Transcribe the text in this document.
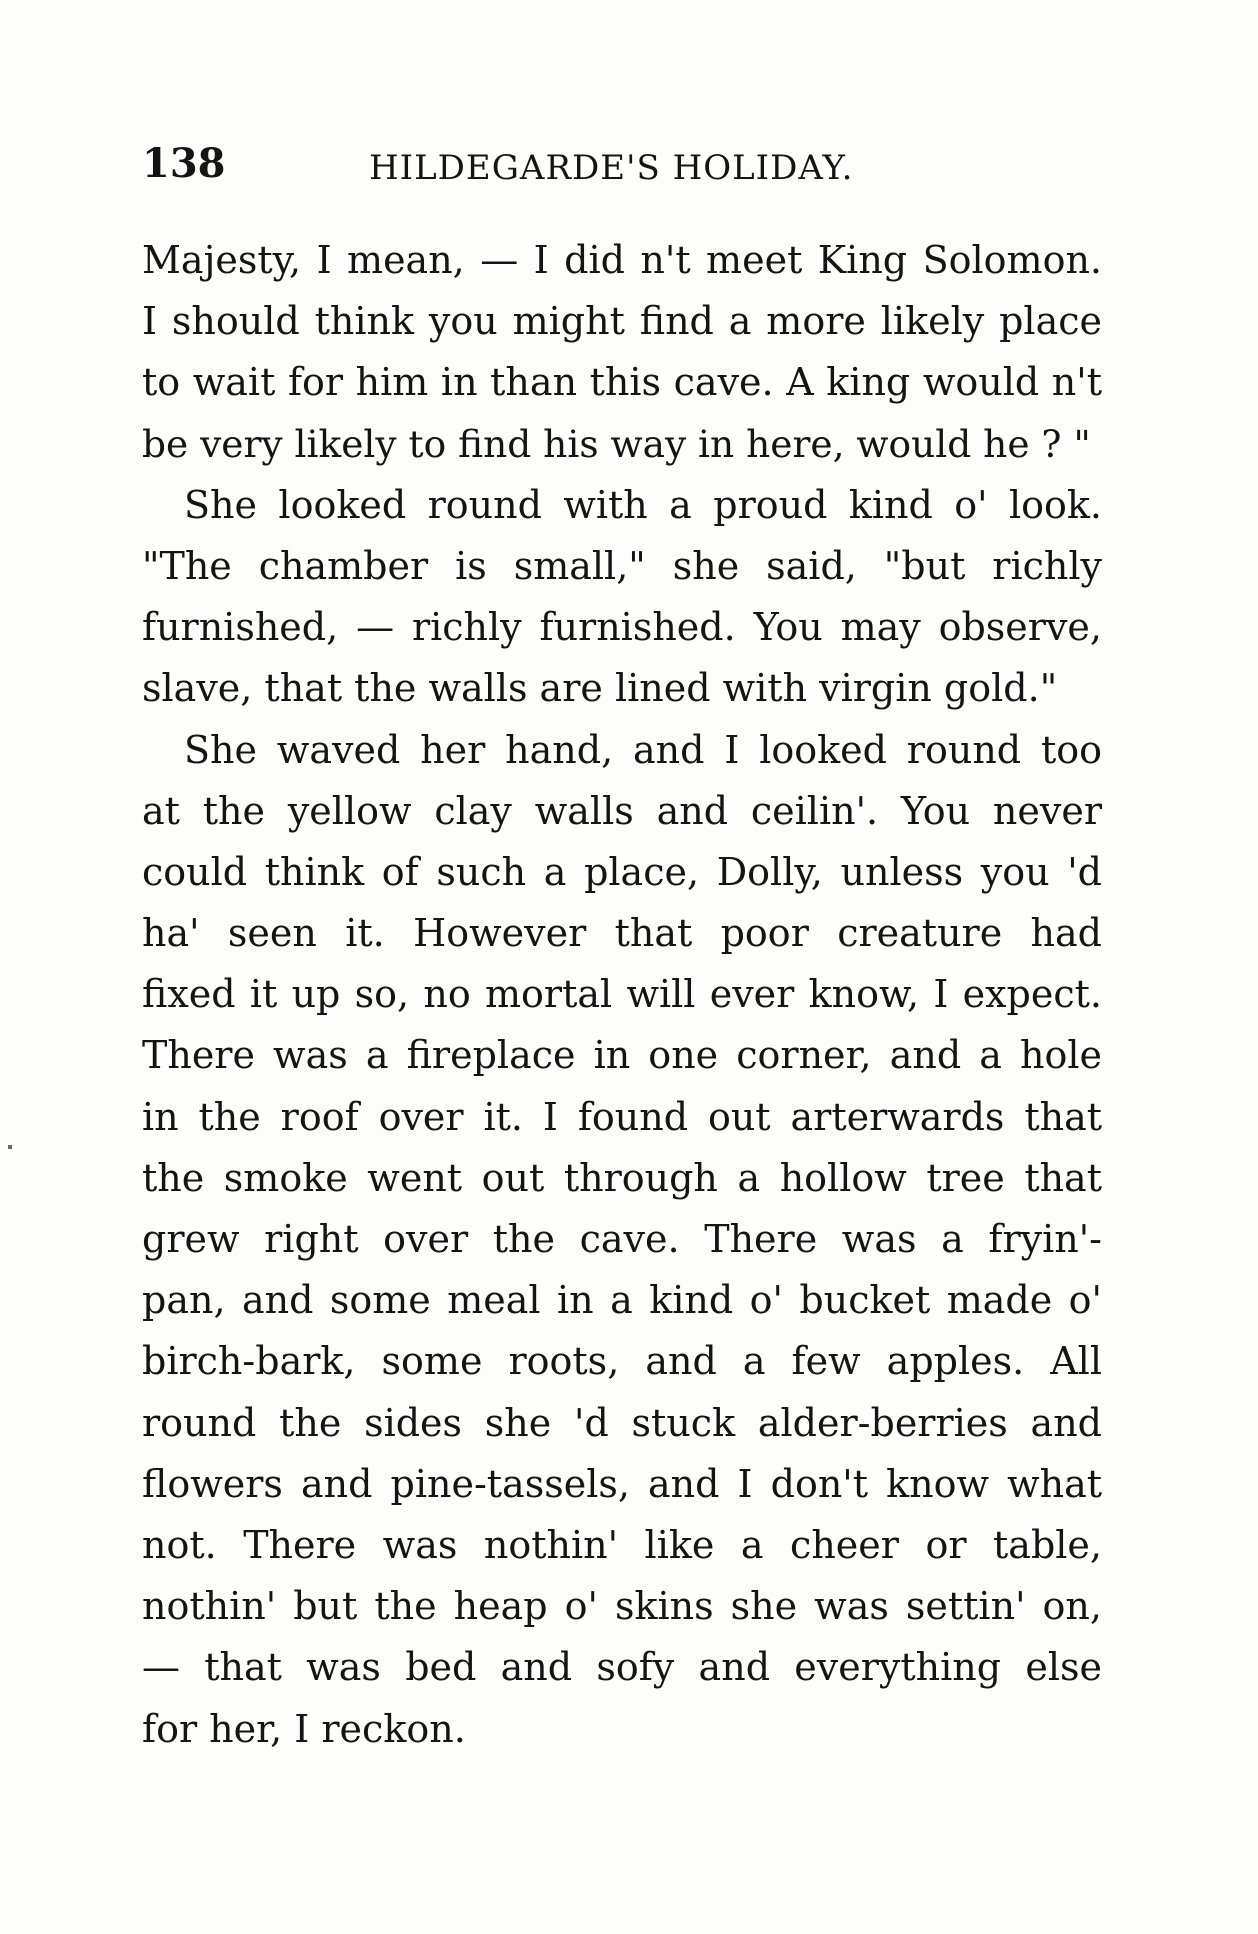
138	HILDEGARDE'S HOLIDAY.
Majesty, I mean, — I did n't meet King Solomon.
I should think you might find a more likely place
to wait for him in than this cave. A king would n't
be very likely to find his way in here, would he ? "
She looked round with a proud kind o' look.
"The chamber is small," she said, "but richly
furnished, — richly furnished. You may observe,
slave, that the walls are lined with virgin gold."
She waved her hand, and I looked round too
at the yellow clay walls and ceilin'. You never
could think of such a place, Dolly, unless you 'd
ha' seen it. However that poor creature had
fixed it up so, no mortal will ever know, I expect.
There was a fireplace in one corner, and a hole
in the roof over it. I found out arterwards that
the smoke went out through a hollow tree that
grew right over the cave. There was a fryin'-
pan, and some meal in a kind o' bucket made o'
birch-bark, some roots, and a few apples. All
round the sides she 'd stuck alder-berries and
flowers and pine-tassels, and I don't know what
not. There was nothin' like a cheer or table,
nothin' but the heap o' skins she was settin' on,
— that was bed and sofy and everything else
for her, I reckon.
